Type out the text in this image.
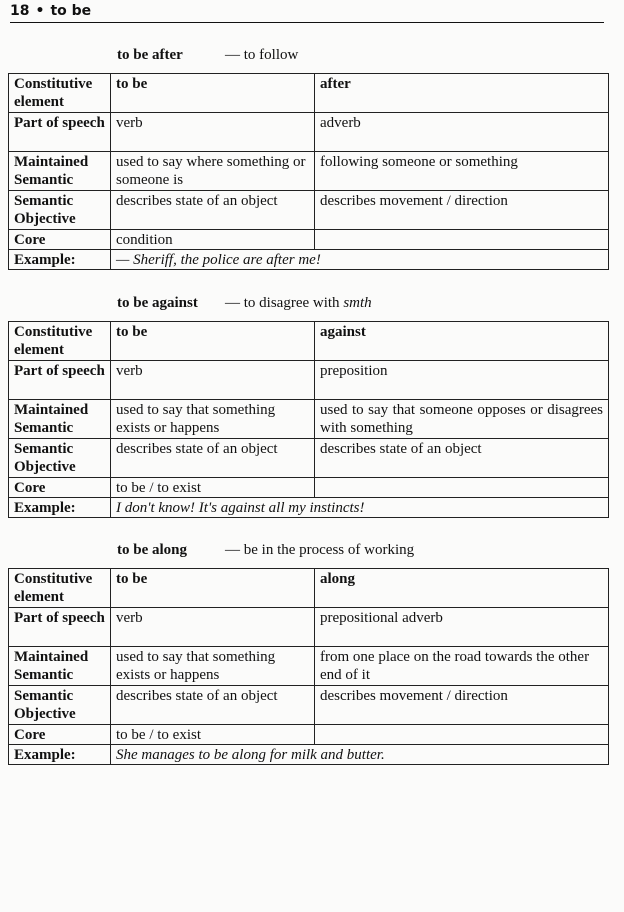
18 • to be
to be after	— to follow
Constitutive element	to be	after
Part of speech	verb	adverb
Maintained Semantic	used to say where something or someone is	following someone or something
Semantic Objective	describes state of an object	describes movement / direction
Core	condition	
Example:	— Sheriff, the police are after me!	
to be against — to disagree with smth
Constitutive element	to be	against
Part of speech	verb	preposition
Maintained Semantic	used to say that something exists or happens	used to say that someone opposes or disagrees with something
Semantic Objective	describes state of an object	describes state of an object
Core	to be / to exist	
Example:	I don't know! It's against all my instincts!	
to be along	— be in the process of working
Constitutive element	to be	along
Part of speech	verb	prepositional adverb
Maintained Semantic	used to say that something exists or happens	from one place on the road towards the other end of it
Semantic Objective	describes state of an object	describes movement / direction
Core	to be / to exist	
Example:	She manages to be along for milk and butter.	
